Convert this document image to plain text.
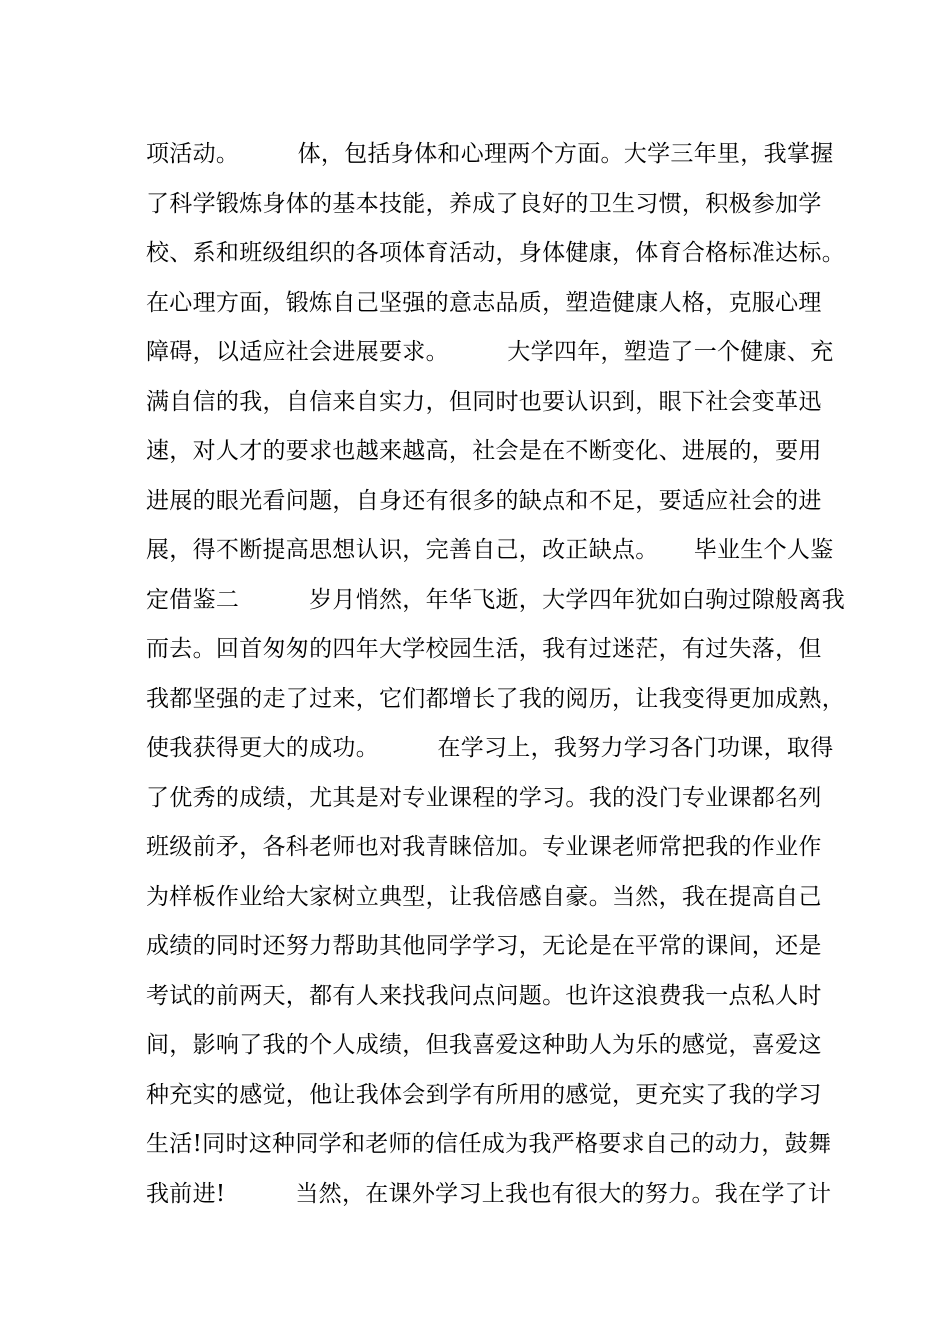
项活动。　　　体，包括身体和心理两个方面。大学三年里，我掌握
了科学锻炼身体的基本技能，养成了良好的卫生习惯，积极参加学
校、系和班级组织的各项体育活动，身体健康，体育合格标准达标。
在心理方面，锻炼自己坚强的意志品质，塑造健康人格，克服心理
障碍，以适应社会进展要求。　　　大学四年，塑造了一个健康、充
满自信的我，自信来自实力，但同时也要认识到，眼下社会变革迅
速，对人才的要求也越来越高，社会是在不断变化、进展的，要用
进展的眼光看问题，自身还有很多的缺点和不足，要适应社会的进
展，得不断提高思想认识，完善自己，改正缺点。　　毕业生个人鉴
定借鉴二　　　岁月悄然，年华飞逝，大学四年犹如白驹过隙般离我
而去。回首匆匆的四年大学校园生活，我有过迷茫，有过失落，但
我都坚强的走了过来，它们都增长了我的阅历，让我变得更加成熟，
使我获得更大的成功。　　　在学习上，我努力学习各门功课，取得
了优秀的成绩，尤其是对专业课程的学习。我的没门专业课都名列
班级前矛，各科老师也对我青睐倍加。专业课老师常把我的作业作
为样板作业给大家树立典型，让我倍感自豪。当然，我在提高自己
成绩的同时还努力帮助其他同学学习，无论是在平常的课间，还是
考试的前两天，都有人来找我问点问题。也许这浪费我一点私人时
间，影响了我的个人成绩，但我喜爱这种助人为乐的感觉，喜爱这
种充实的感觉，他让我体会到学有所用的感觉，更充实了我的学习
生活!同时这种同学和老师的信任成为我严格要求自己的动力，鼓舞
我前进!　　　当然，在课外学习上我也有很大的努力。我在学了计
